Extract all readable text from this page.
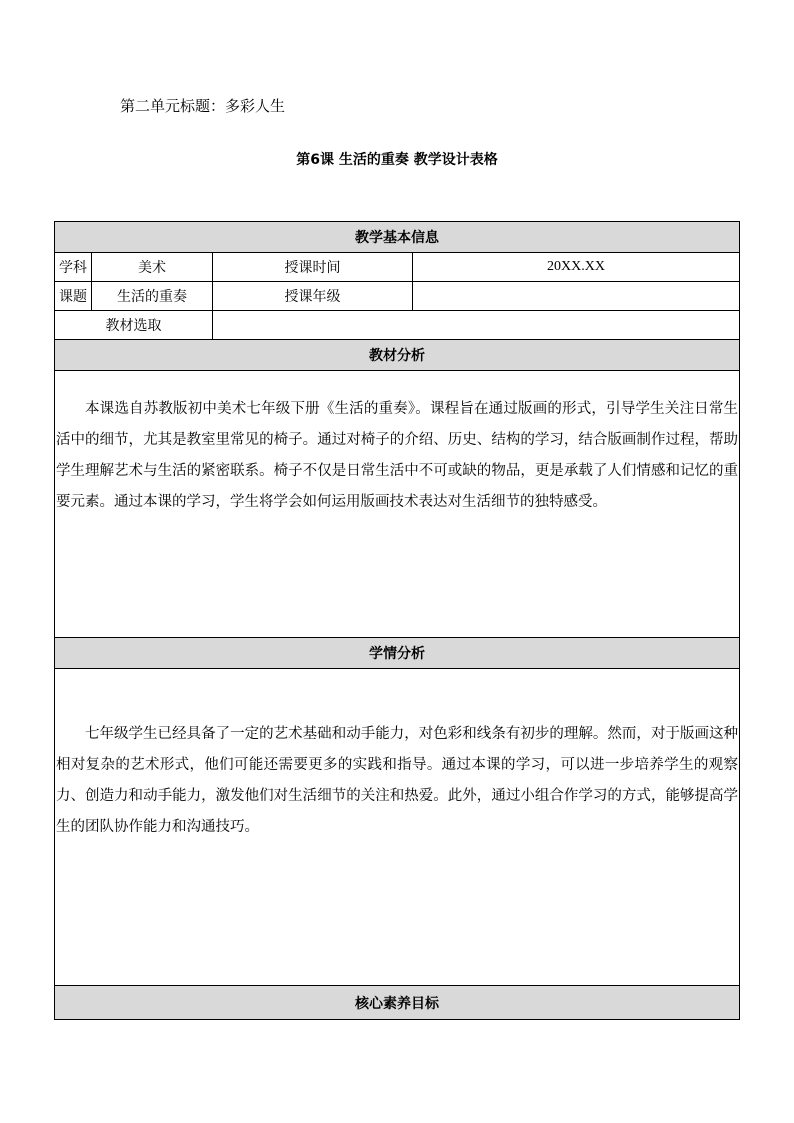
第二单元标题：多彩人生
第6课 生活的重奏 教学设计表格
教学基本信息			
学科	美术	授课时间	20XX.XX
课题	生活的重奏	授课年级	
教材选取			
教材分析			

本课选自苏教版初中美术七年级下册《生活的重奏》。课程旨在通过版画的形式，引导学生关注日常生活中的细节，尤其是教室里常见的椅子。通过对椅子的介绍、历史、结构的学习，结合版画制作过程，帮助学生理解艺术与生活的紧密联系。椅子不仅是日常生活中不可或缺的物品，更是承载了人们情感和记忆的重要元素。通过本课的学习，学生将学会如何运用版画技术表达对生活细节的独特感受。			

学情分析			

七年级学生已经具备了一定的艺术基础和动手能力，对色彩和线条有初步的理解。然而，对于版画这种相对复杂的艺术形式，他们可能还需要更多的实践和指导。通过本课的学习，可以进一步培养学生的观察力、创造力和动手能力，激发他们对生活细节的关注和热爱。此外，通过小组合作学习的方式，能够提高学生的团队协作能力和沟通技巧。			

核心素养目标			
